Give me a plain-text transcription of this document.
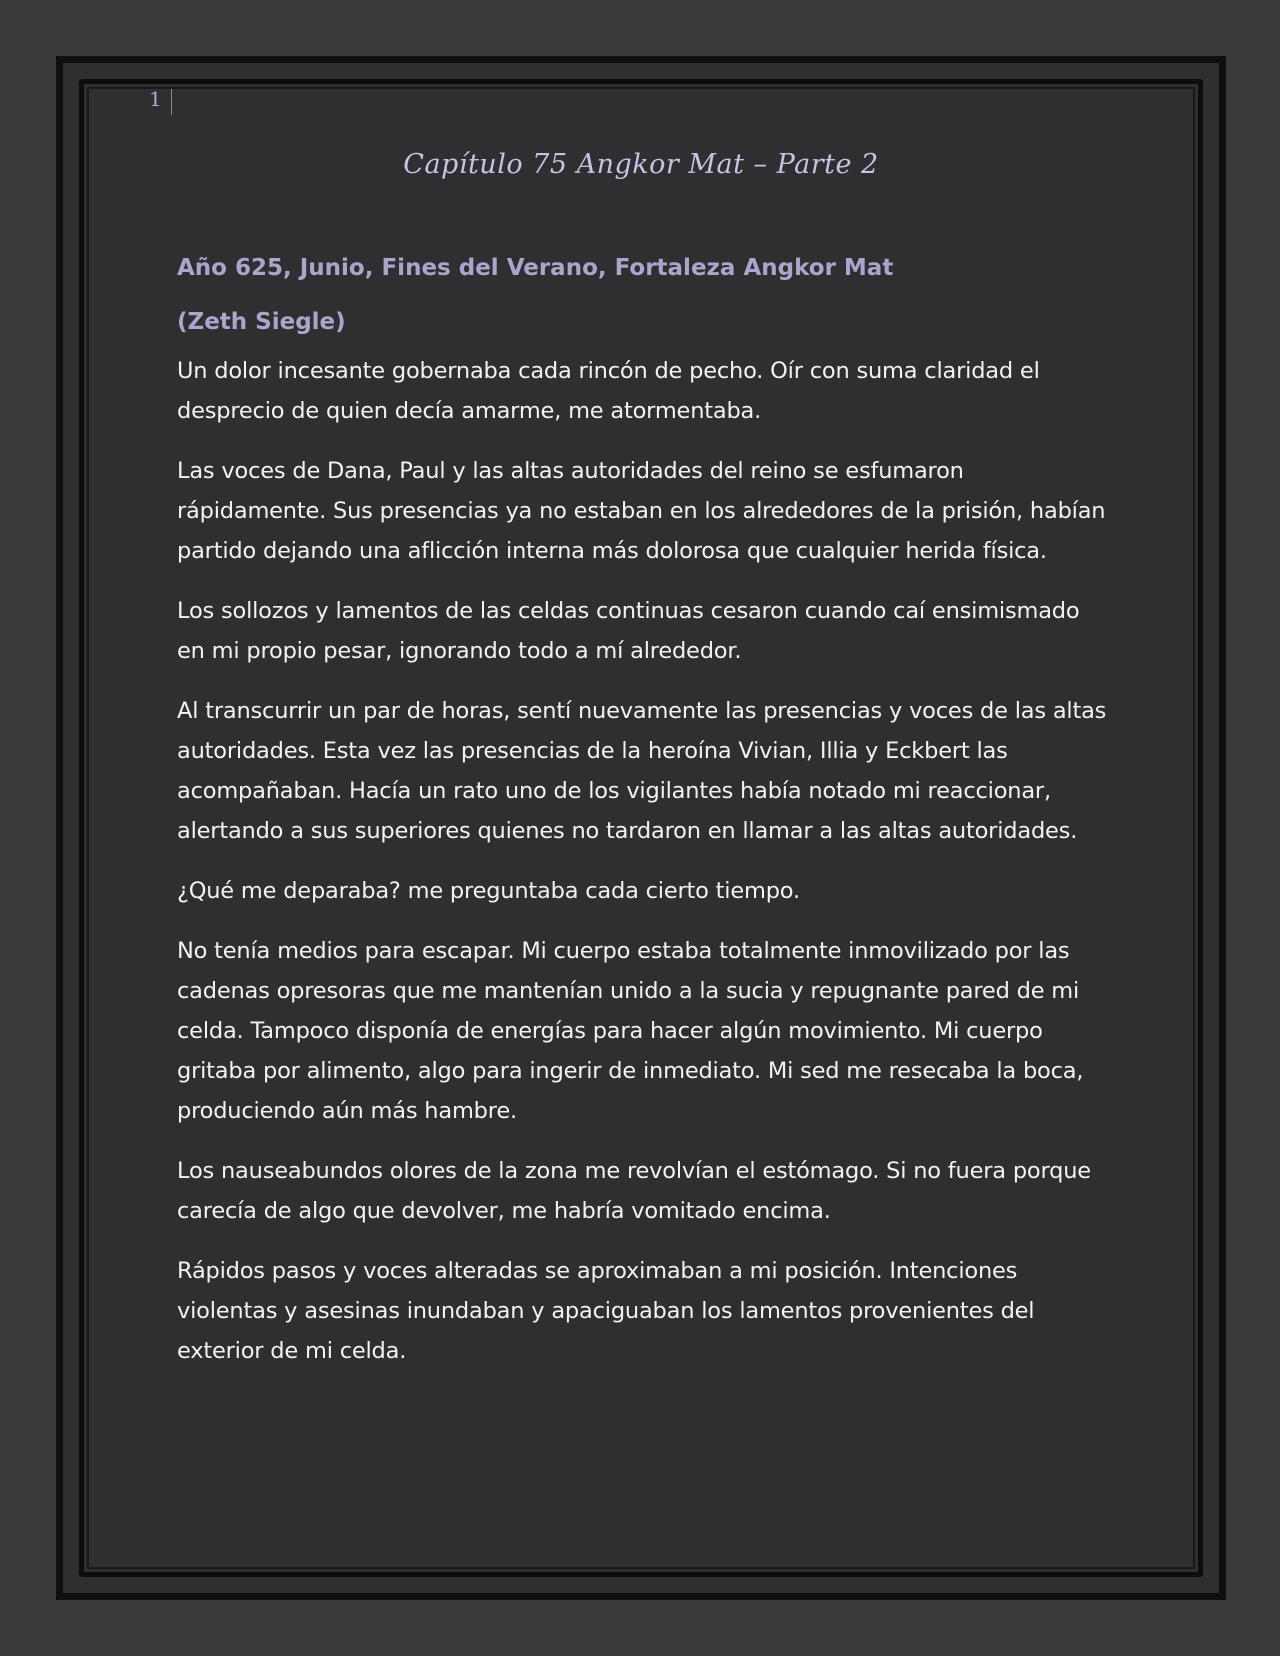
1
Capítulo 75 Angkor Mat – Parte 2

Año 625, Junio, Fines del Verano, Fortaleza Angkor Mat

(Zeth Siegle)

Un dolor incesante gobernaba cada rincón de pecho. Oír con suma claridad el desprecio de quien decía amarme, me atormentaba.

Las voces de Dana, Paul y las altas autoridades del reino se esfumaron rápidamente. Sus presencias ya no estaban en los alrededores de la prisión, habían partido dejando una aflicción interna más dolorosa que cualquier herida física.

Los sollozos y lamentos de las celdas continuas cesaron cuando caí ensimismado en mi propio pesar, ignorando todo a mí alrededor.

Al transcurrir un par de horas, sentí nuevamente las presencias y voces de las altas autoridades. Esta vez las presencias de la heroína Vivian, Illia y Eckbert las acompañaban. Hacía un rato uno de los vigilantes había notado mi reaccionar, alertando a sus superiores quienes no tardaron en llamar a las altas autoridades.

¿Qué me deparaba? me preguntaba cada cierto tiempo.

No tenía medios para escapar. Mi cuerpo estaba totalmente inmovilizado por las cadenas opresoras que me mantenían unido a la sucia y repugnante pared de mi celda. Tampoco disponía de energías para hacer algún movimiento. Mi cuerpo gritaba por alimento, algo para ingerir de inmediato. Mi sed me resecaba la boca, produciendo aún más hambre.

Los nauseabundos olores de la zona me revolvían el estómago. Si no fuera porque carecía de algo que devolver, me habría vomitado encima.

Rápidos pasos y voces alteradas se aproximaban a mi posición. Intenciones violentas y asesinas inundaban y apaciguaban los lamentos provenientes del exterior de mi celda.
